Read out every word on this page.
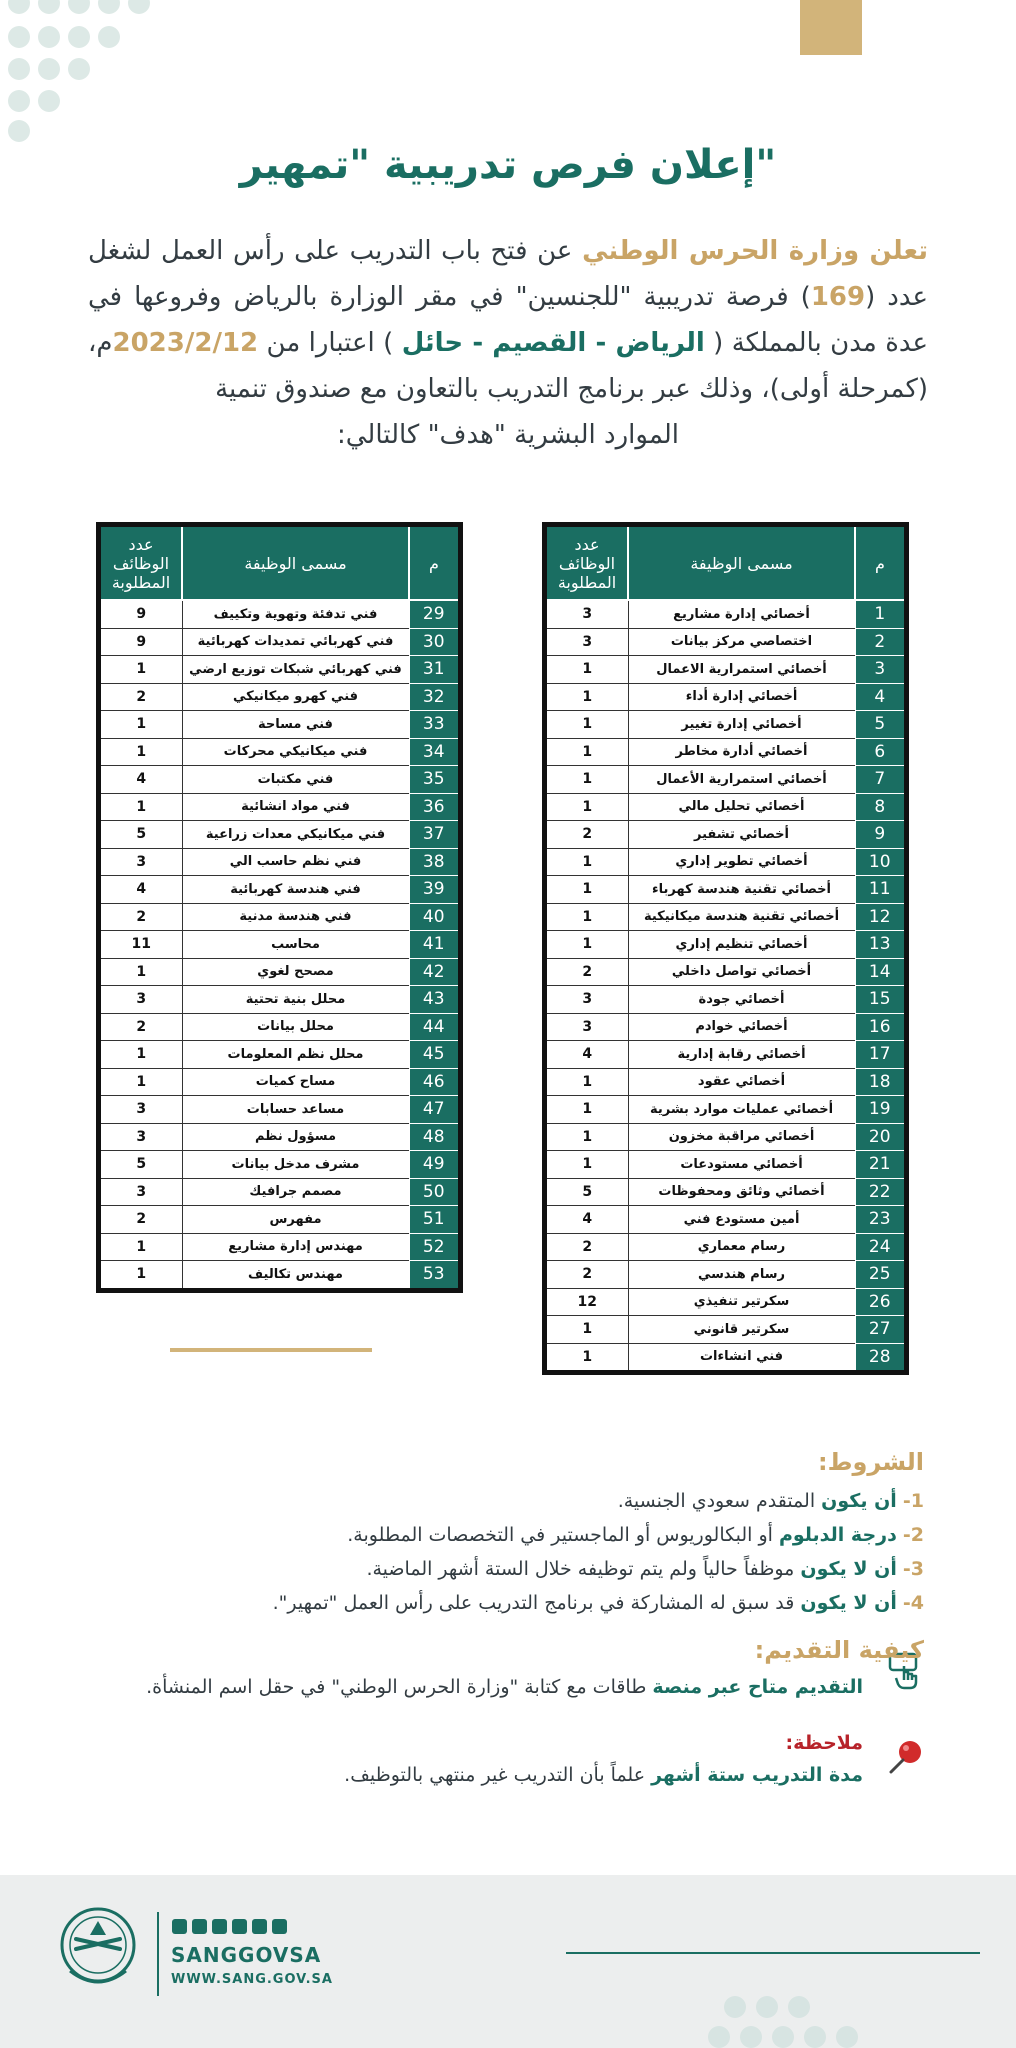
"إعلان فرص تدريبية "تمهير
تعلن وزارة الحرس الوطني عن فتح باب التدريب على رأس العمل لشغل عدد (169) فرصة تدريبية "للجنسين" في مقر الوزارة بالرياض وفروعها في عدة مدن بالمملكة ( الرياض - القصيم - حائل ) اعتبارا من 2023/2/12م، (كمرحلة أولى)، وذلك عبر برنامج التدريب بالتعاون مع صندوق تنمية
الموارد البشرية "هدف" كالتالي:
م	مسمى الوظيفة	عدد الوظائف المطلوبة
1	أخصائي إدارة مشاريع	3
2	اختصاصي مركز بيانات	3
3	أخصائي استمرارية الاعمال	1
4	أخصائي إدارة أداء	1
5	أخصائي إدارة تغيير	1
6	أخصائي أدارة مخاطر	1
7	أخصائي استمرارية الأعمال	1
8	أخصائي تحليل مالي	1
9	أخصائي تشفير	2
10	أخصائي تطوير إداري	1
11	أخصائي تقنية هندسة كهرباء	1
12	أخصائي تقنية هندسة ميكانيكية	1
13	أخصائي تنظيم إداري	1
14	أخصائي تواصل داخلي	2
15	أخصائي جودة	3
16	أخصائي خوادم	3
17	أخصائي رقابة إدارية	4
18	أخصائي عقود	1
19	أخصائي عمليات موارد بشرية	1
20	أخصائي مراقبة مخزون	1
21	أخصائي مستودعات	1
22	أخصائي وثائق ومحفوظات	5
23	أمين مستودع فني	4
24	رسام معماري	2
25	رسام هندسي	2
26	سكرتير تنفيذي	12
27	سكرتير قانوني	1
28	فني انشاءات	1
م	مسمى الوظيفة	عدد الوظائف المطلوبة
29	فني تدفئة وتهوية وتكييف	9
30	فني كهربائي تمديدات كهربائية	9
31	فني كهربائي شبكات توزيع ارضي	1
32	فني كهرو ميكانيكي	2
33	فني مساحة	1
34	فني ميكانيكي محركات	1
35	فني مكتبات	4
36	فني مواد انشائية	1
37	فني ميكانيكي معدات زراعية	5
38	فني نظم حاسب الي	3
39	فني هندسة كهربائية	4
40	فني هندسة مدنية	2
41	محاسب	11
42	مصحح لغوي	1
43	محلل بنية تحتية	3
44	محلل بيانات	2
45	محلل نظم المعلومات	1
46	مساح كميات	1
47	مساعد حسابات	3
48	مسؤول نظم	3
49	مشرف مدخل بيانات	5
50	مصمم جرافيك	3
51	مفهرس	2
52	مهندس إدارة مشاريع	1
53	مهندس تكاليف	1
الشروط:
1- أن يكون المتقدم سعودي الجنسية.
2- درجة الدبلوم أو البكالوريوس أو الماجستير في التخصصات المطلوبة.
3- أن لا يكون موظفاً حالياً ولم يتم توظيفه خلال الستة أشهر الماضية.
4- أن لا يكون قد سبق له المشاركة في برنامج التدريب على رأس العمل "تمهير".
كيفية التقديم:
التقديم متاح عبر منصة طاقات مع كتابة "وزارة الحرس الوطني" في حقل اسم المنشأة.
ملاحظة:
مدة التدريب ستة أشهر علماً بأن التدريب غير منتهي بالتوظيف.
SANGGOVSA
WWW.SANG.GOV.SA
